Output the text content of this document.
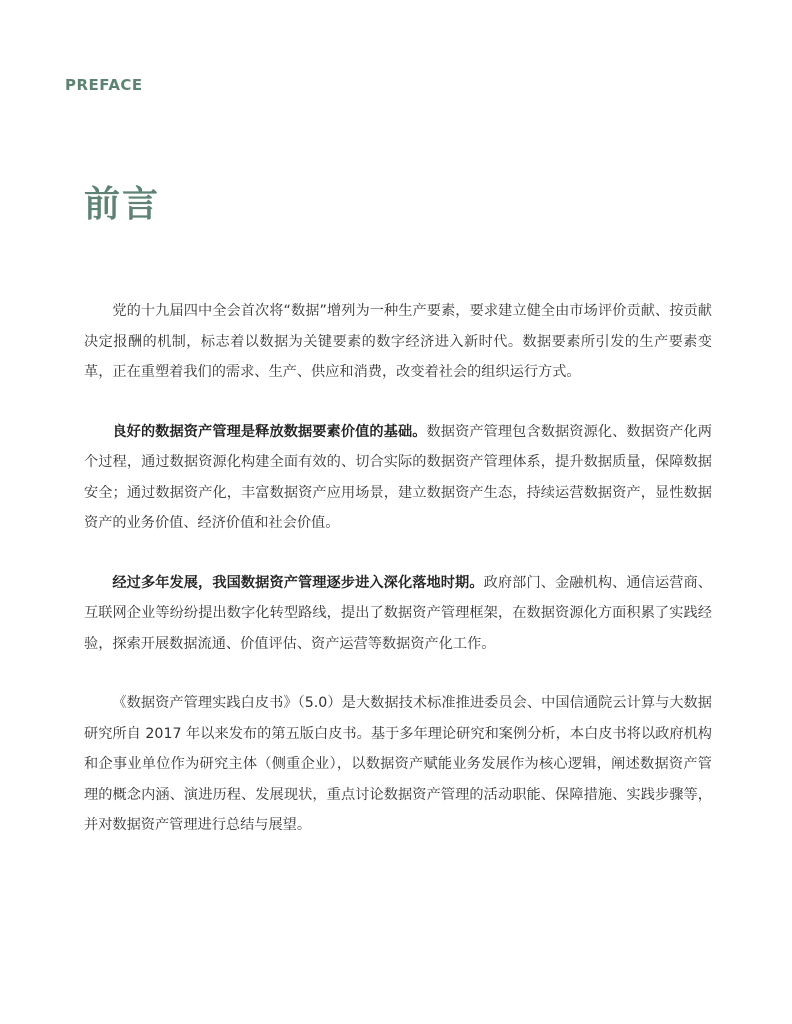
PREFACE
前言

党的十九届四中全会首次将“数据”增列为一种生产要素，要求建立健全由市场评价贡献、按贡献决定报酬的机制，标志着以数据为关键要素的数字经济进入新时代。数据要素所引发的生产要素变革，正在重塑着我们的需求、生产、供应和消费，改变着社会的组织运行方式。

良好的数据资产管理是释放数据要素价值的基础。数据资产管理包含数据资源化、数据资产化两个过程，通过数据资源化构建全面有效的、切合实际的数据资产管理体系，提升数据质量，保障数据安全；通过数据资产化，丰富数据资产应用场景，建立数据资产生态，持续运营数据资产，显性数据资产的业务价值、经济价值和社会价值。

经过多年发展，我国数据资产管理逐步进入深化落地时期。政府部门、金融机构、通信运营商、互联网企业等纷纷提出数字化转型路线，提出了数据资产管理框架，在数据资源化方面积累了实践经验，探索开展数据流通、价值评估、资产运营等数据资产化工作。

《数据资产管理实践白皮书》（5.0）是大数据技术标准推进委员会、中国信通院云计算与大数据研究所自 2017 年以来发布的第五版白皮书。基于多年理论研究和案例分析，本白皮书将以政府机构和企事业单位作为研究主体（侧重企业），以数据资产赋能业务发展作为核心逻辑，阐述数据资产管理的概念内涵、演进历程、发展现状，重点讨论数据资产管理的活动职能、保障措施、实践步骤等，并对数据资产管理进行总结与展望。
